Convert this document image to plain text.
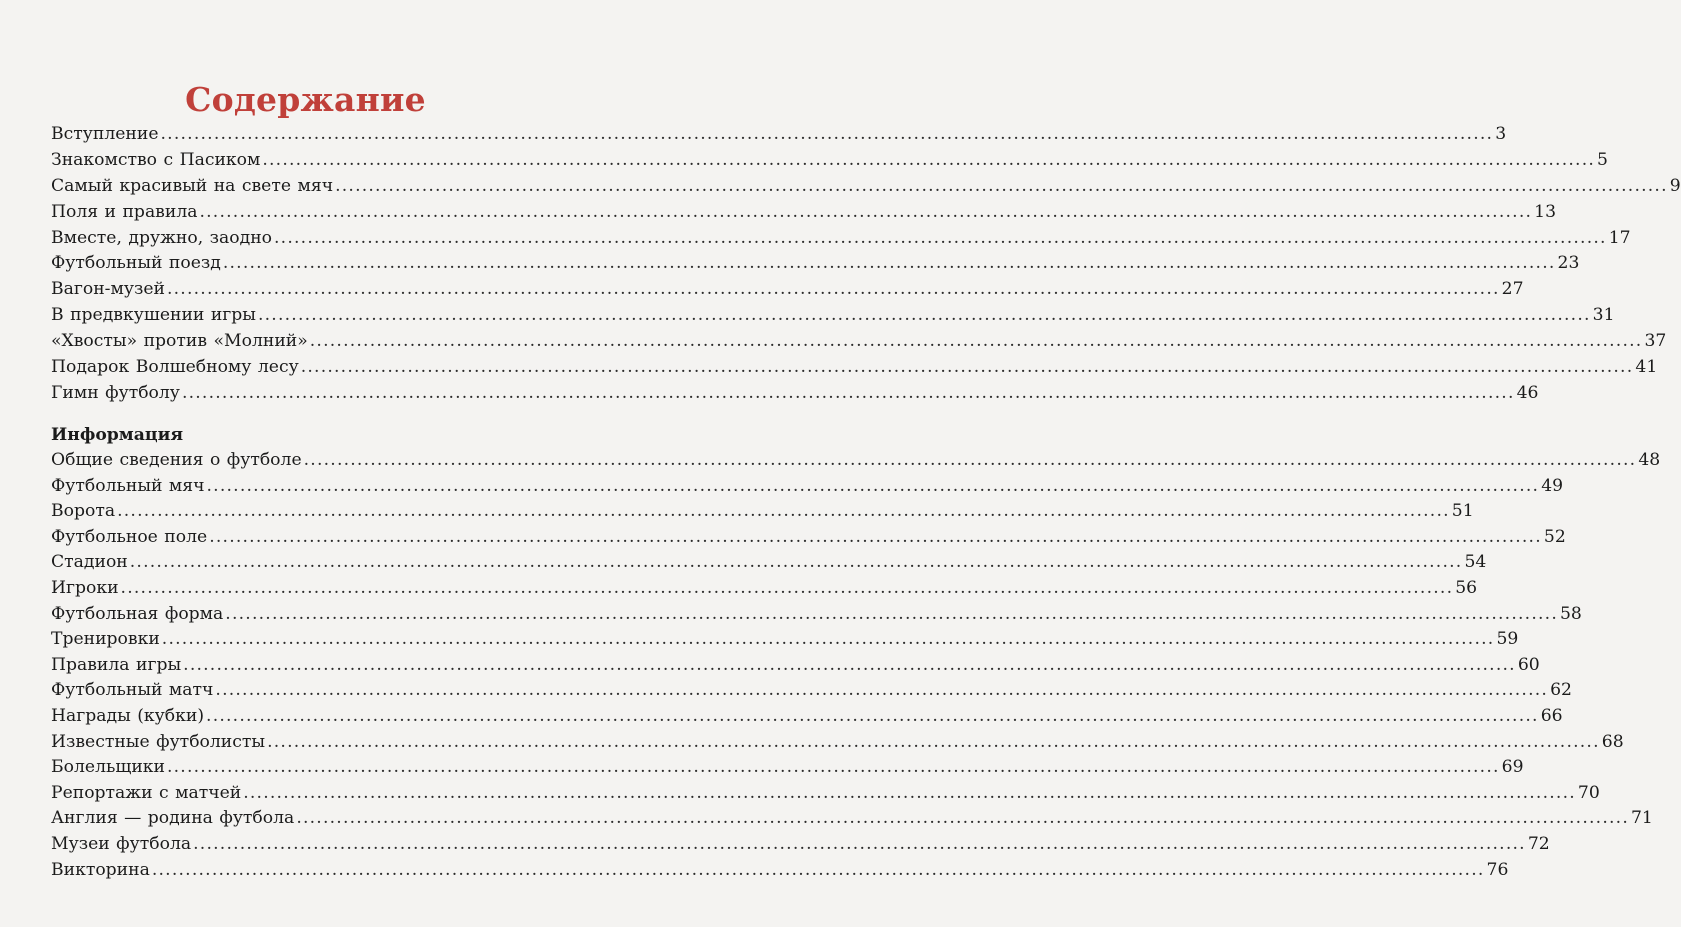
Содержание
Вступление ........................................................................................................................................................................................................ 3
Знакомство с Пасиком ........................................................................................................................................................................................................ 5
Самый красивый на свете мяч ........................................................................................................................................................................................................ 9
Поля и правила ........................................................................................................................................................................................................ 13
Вместе, дружно, заодно ........................................................................................................................................................................................................ 17
Футбольный поезд ........................................................................................................................................................................................................ 23
Вагон-музей ........................................................................................................................................................................................................ 27
В предвкушении игры ........................................................................................................................................................................................................ 31
«Хвосты» против «Молний» ........................................................................................................................................................................................................ 37
Подарок Волшебному лесу ........................................................................................................................................................................................................ 41
Гимн футболу ........................................................................................................................................................................................................ 46
Информация
Общие сведения о футболе ........................................................................................................................................................................................................ 48
Футбольный мяч ........................................................................................................................................................................................................ 49
Ворота ........................................................................................................................................................................................................ 51
Футбольное поле ........................................................................................................................................................................................................ 52
Стадион ........................................................................................................................................................................................................ 54
Игроки ........................................................................................................................................................................................................ 56
Футбольная форма ........................................................................................................................................................................................................ 58
Тренировки ........................................................................................................................................................................................................ 59
Правила игры ........................................................................................................................................................................................................ 60
Футбольный матч ........................................................................................................................................................................................................ 62
Награды (кубки) ........................................................................................................................................................................................................ 66
Известные футболисты ........................................................................................................................................................................................................ 68
Болельщики ........................................................................................................................................................................................................ 69
Репортажи с матчей ........................................................................................................................................................................................................ 70
Англия — родина футбола ........................................................................................................................................................................................................ 71
Музеи футбола ........................................................................................................................................................................................................ 72
Викторина ........................................................................................................................................................................................................ 76
